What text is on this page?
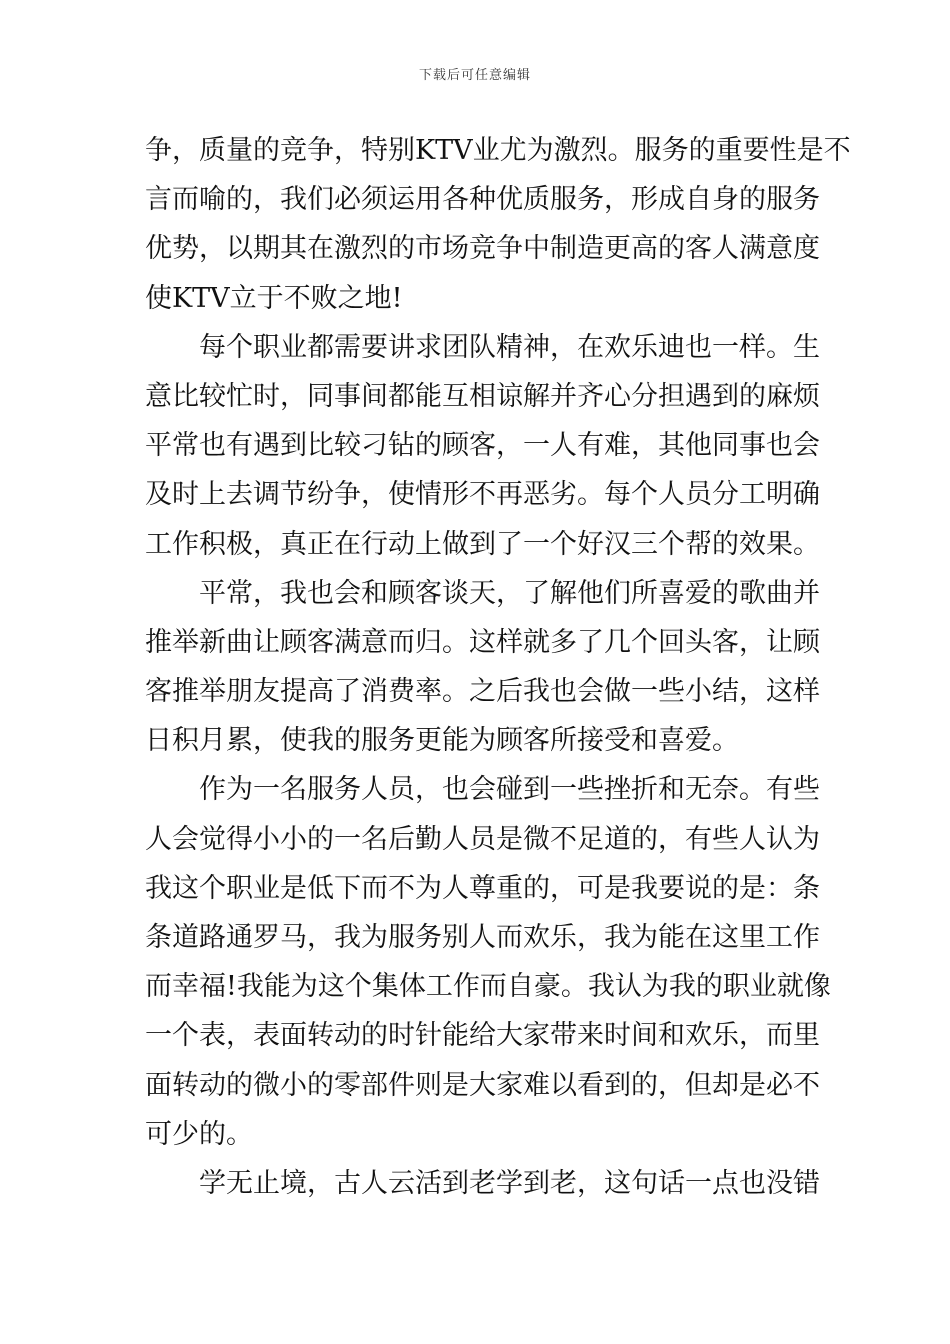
下载后可任意编辑
争，质量的竞争，特别KTV业尤为激烈。服务的重要性是不
言而喻的，我们必须运用各种优质服务，形成自身的服务
优势，以期其在激烈的市场竞争中制造更高的客人满意度
使KTV立于不败之地!
每个职业都需要讲求团队精神，在欢乐迪也一样。生
意比较忙时，同事间都能互相谅解并齐心分担遇到的麻烦
平常也有遇到比较刁钻的顾客，一人有难，其他同事也会
及时上去调节纷争，使情形不再恶劣。每个人员分工明确
工作积极，真正在行动上做到了一个好汉三个帮的效果。
平常，我也会和顾客谈天，了解他们所喜爱的歌曲并
推举新曲让顾客满意而归。这样就多了几个回头客，让顾
客推举朋友提高了消费率。之后我也会做一些小结，这样
日积月累，使我的服务更能为顾客所接受和喜爱。
作为一名服务人员，也会碰到一些挫折和无奈。有些
人会觉得小小的一名后勤人员是微不足道的，有些人认为
我这个职业是低下而不为人尊重的，可是我要说的是：条
条道路通罗马，我为服务别人而欢乐，我为能在这里工作
而幸福!我能为这个集体工作而自豪。我认为我的职业就像
一个表，表面转动的时针能给大家带来时间和欢乐，而里
面转动的微小的零部件则是大家难以看到的，但却是必不
可少的。
学无止境，古人云活到老学到老，这句话一点也没错
